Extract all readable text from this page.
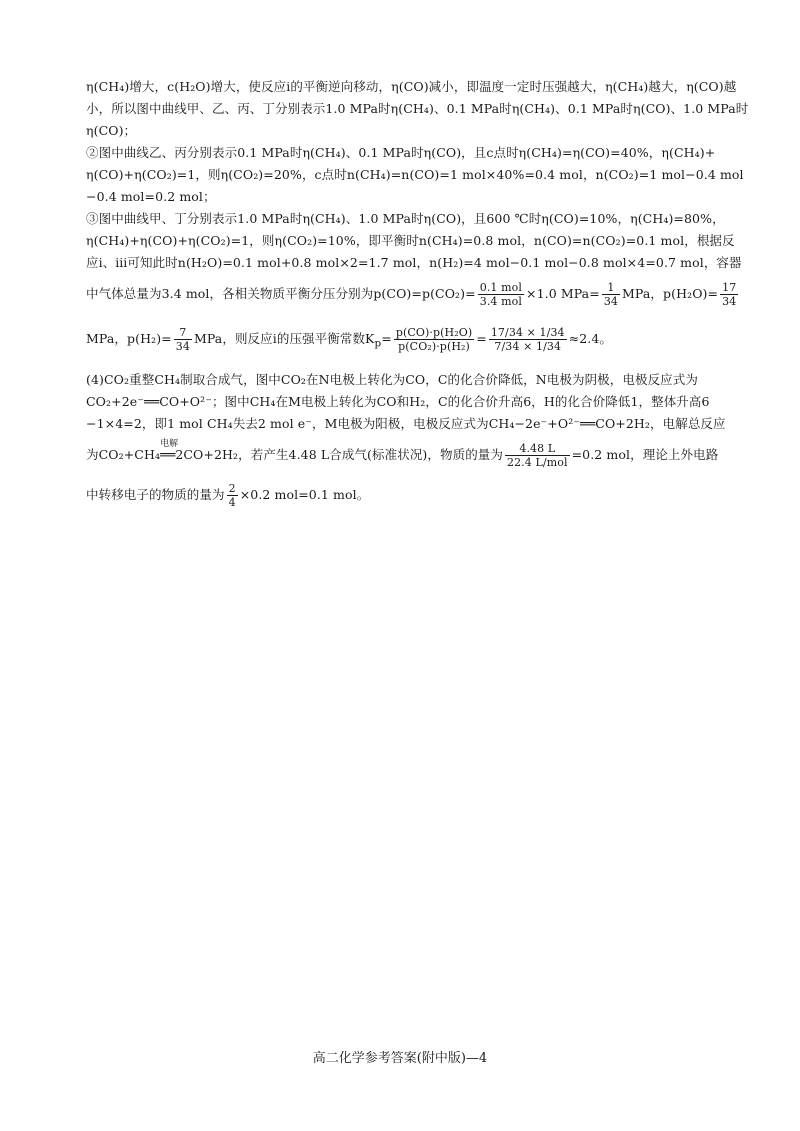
η(CH₄)增大，c(H₂O)增大，使反应ⅰ的平衡逆向移动，η(CO)减小，即温度一定时压强越大，η(CH₄)越大，η(CO)越
小，所以图中曲线甲、乙、丙、丁分别表示1.0 MPa时η(CH₄)、0.1 MPa时η(CH₄)、0.1 MPa时η(CO)、1.0 MPa时
η(CO)；
②图中曲线乙、丙分别表示0.1 MPa时η(CH₄)、0.1 MPa时η(CO)，且c点时η(CH₄)=η(CO)=40%，η(CH₄)+
η(CO)+η(CO₂)=1，则η(CO₂)=20%，c点时n(CH₄)=n(CO)=1 mol×40%=0.4 mol，n(CO₂)=1 mol−0.4 mol
−0.4 mol=0.2 mol；
③图中曲线甲、丁分别表示1.0 MPa时η(CH₄)、1.0 MPa时η(CO)，且600 ℃时η(CO)=10%，η(CH₄)=80%，
η(CH₄)+η(CO)+η(CO₂)=1，则η(CO₂)=10%，即平衡时n(CH₄)=0.8 mol，n(CO)=n(CO₂)=0.1 mol，根据反
应ⅰ、ⅲ可知此时n(H₂O)=0.1 mol+0.8 mol×2=1.7 mol，n(H₂)=4 mol−0.1 mol−0.8 mol×4=0.7 mol，容器
中气体总量为3.4 mol，各相关物质平衡分压分别为$p(CO)=p(CO_2)= \frac{\text{0.1 mol}}{\text{3.4 mol}} \times 1.0$ $MPa= \frac{1}{34}$ MPa，$p(H_2O)= \frac{17}{34}$
MPa，$p(H_2)= \frac{7}{34}$ MPa，则反应ⅰ的压强平衡常数$K_p= \frac{\text{p(CO)·p(H₂O)}}{\text{p(CO₂)·p(H₂)}} = \frac{17/34 \times 1/34}{7/34 \times 1/34} \approx 2.4$。
(4)CO₂重整CH₄制取合成气，图中CO₂在N电极上转化为CO，C的化合价降低，N电极为阴极，电极反应式为
CO₂+2e⁻══CO+O²⁻；图中CH₄在M电极上转化为CO和H₂，C的化合价升高6，H的化合价降低1，整体升高6
−1×4=2，即1 mol CH₄失去2 mol e⁻，M电极为阳极，电极反应式为CH₄−2e⁻+O²⁻══CO+2H₂，电解总反应
为CO₂+CH₄
电解
══2CO+2H₂，若产生4.48 L合成气(标准状况)，物质的量为 $\frac{4.48 L}{\text{22.4 L/mol}} =0.2$ mol，理论上外电路
中转移电子的物质的量为 $\frac{2}{4} \times 0.2$ mol=0.1 mol。
高二化学参考答案(附中版)—4
